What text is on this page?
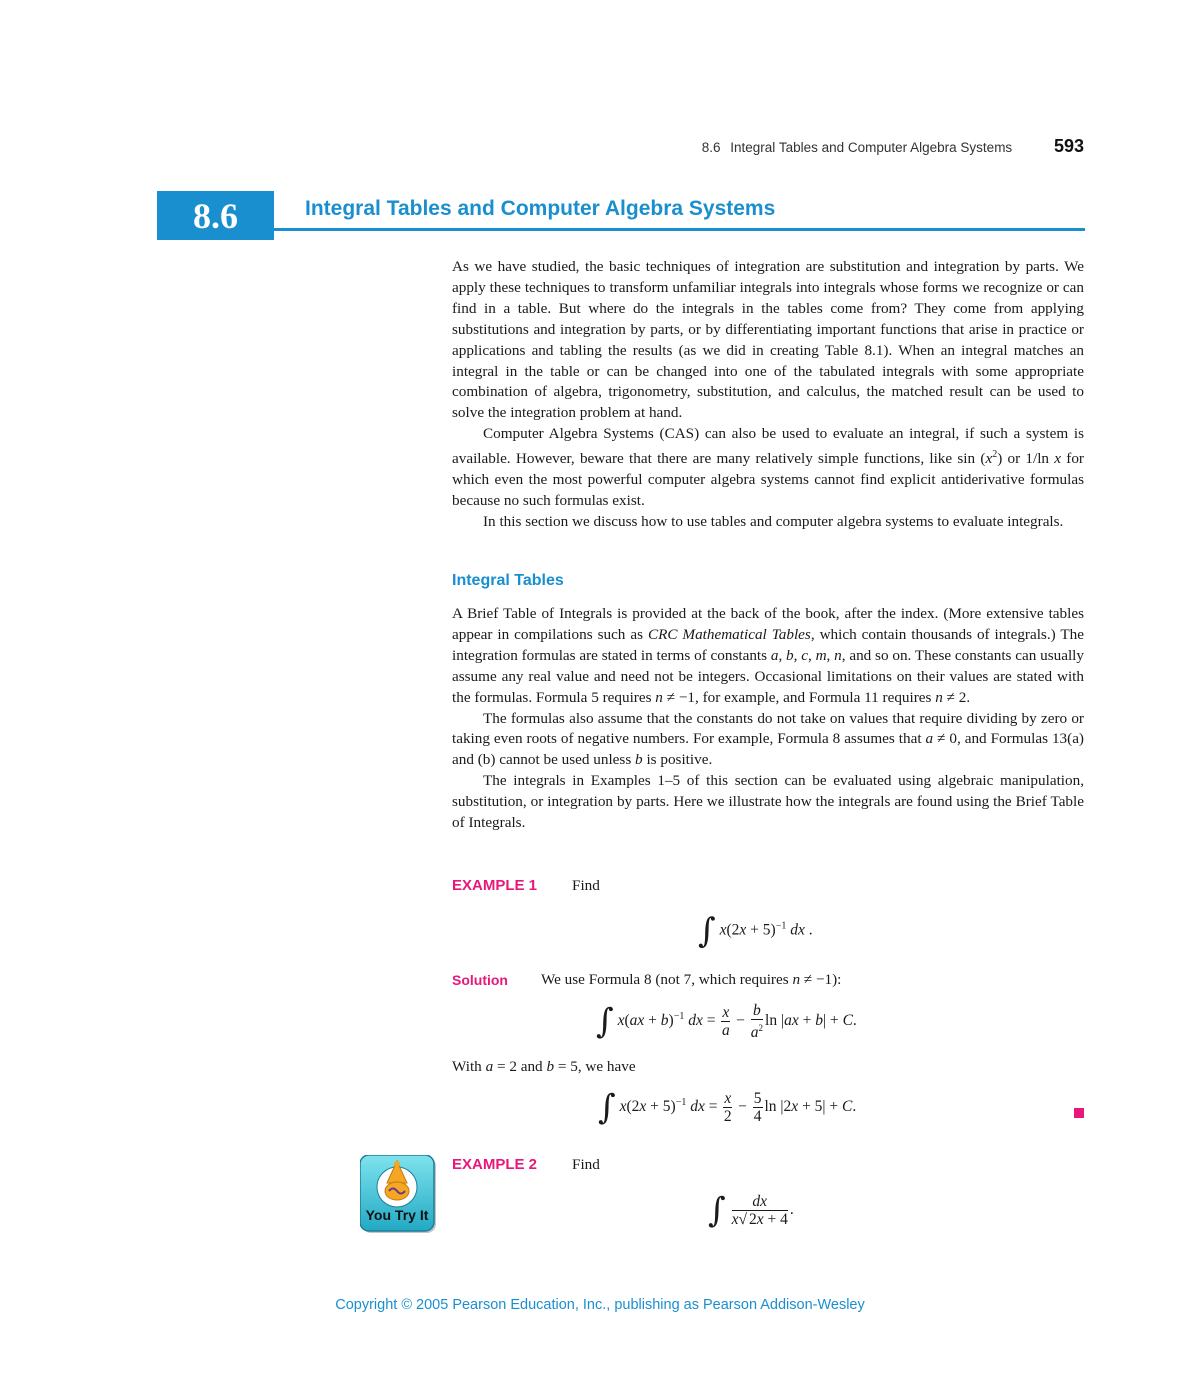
8.6 Integral Tables and Computer Algebra Systems 593
8.6	Integral Tables and Computer Algebra Systems

As we have studied, the basic techniques of integration are substitution and integration by parts. We apply these techniques to transform unfamiliar integrals into integrals whose forms we recognize or can find in a table. But where do the integrals in the tables come from? They come from applying substitutions and integration by parts, or by differentiating important functions that arise in practice or applications and tabling the results (as we did in creating Table 8.1). When an integral matches an integral in the table or can be changed into one of the tabulated integrals with some appropriate combination of algebra, trigonometry, substitution, and calculus, the matched result can be used to solve the integration problem at hand.

Computer Algebra Systems (CAS) can also be used to evaluate an integral, if such a system is available. However, beware that there are many relatively simple functions, like $\sin (x^2)$ or 1/ln x for which even the most powerful computer algebra systems cannot find explicit antiderivative formulas because no such formulas exist.

In this section we discuss how to use tables and computer algebra systems to evaluate integrals.

Integral Tables

A Brief Table of Integrals is provided at the back of the book, after the index. (More extensive tables appear in compilations such as CRC Mathematical Tables, which contain thousands of integrals.) The integration formulas are stated in terms of constants a, b, c, m, n, and so on. These constants can usually assume any real value and need not be integers. Occasional limitations on their values are stated with the formulas. Formula 5 requires n ≠ −1, for example, and Formula 11 requires n ≠ 2.

The formulas also assume that the constants do not take on values that require dividing by zero or taking even roots of negative numbers. For example, Formula 8 assumes that a ≠ 0, and Formulas 13(a) and (b) cannot be used unless b is positive.

The integrals in Examples 1–5 of this section can be evaluated using algebraic manipulation, substitution, or integration by parts. Here we illustrate how the integrals are found using the Brief Table of Integrals.

EXAMPLE 1 Find
∫ $x(2x + 5)^{-1}$ dx .
Solution We use Formula 8 (not 7, which requires n ≠ −1):
∫ x(ax + b)$^{-1}$ dx = $\frac{x}{a} - \frac{b}{a^2}$ ln |ax + b| + C.
With a = 2 and b = 5, we have
∫ $x(2x + 5)^{-1}$ dx = $\frac{x}{2} - \frac{5}{4}$ ln |2x + 5| + C.
You Try It
EXAMPLE 2 Find
∫ $\frac{dx}{x√ 2x + 4}$ .
Copyright © 2005 Pearson Education, Inc., publishing as Pearson Addison-Wesley
